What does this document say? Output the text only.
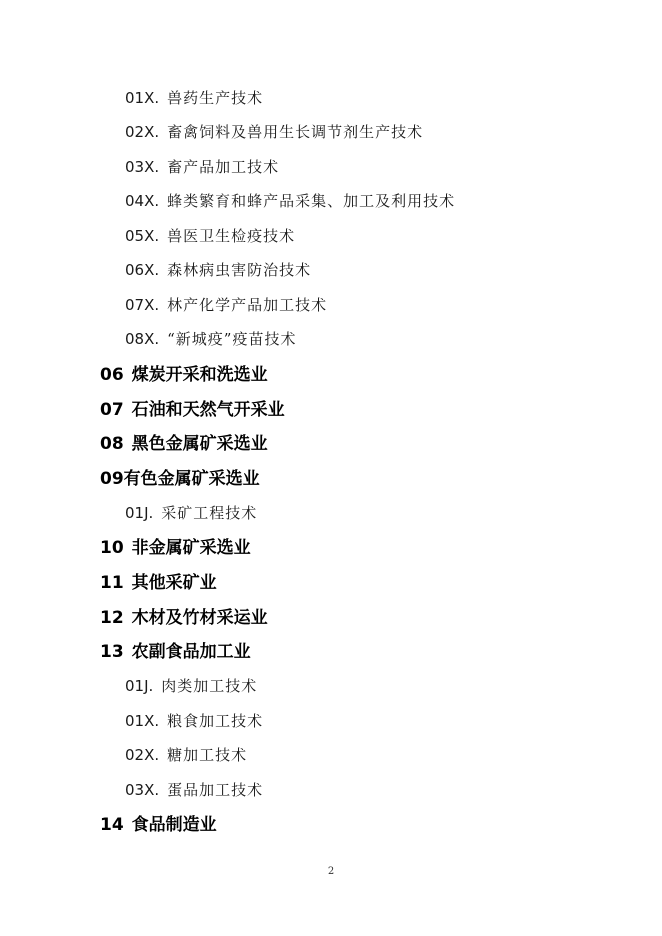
01X. 兽药生产技术
02X. 畜禽饲料及兽用生长调节剂生产技术
03X. 畜产品加工技术
04X. 蜂类繁育和蜂产品采集、加工及利用技术
05X. 兽医卫生检疫技术
06X. 森林病虫害防治技术
07X. 林产化学产品加工技术
08X. “新城疫”疫苗技术
06 煤炭开采和洗选业
07 石油和天然气开采业
08 黑色金属矿采选业
09有色金属矿采选业
01J. 采矿工程技术
10 非金属矿采选业
11 其他采矿业
12 木材及竹材采运业
13 农副食品加工业
01J. 肉类加工技术
01X. 粮食加工技术
02X. 糖加工技术
03X. 蛋品加工技术
14 食品制造业
2
